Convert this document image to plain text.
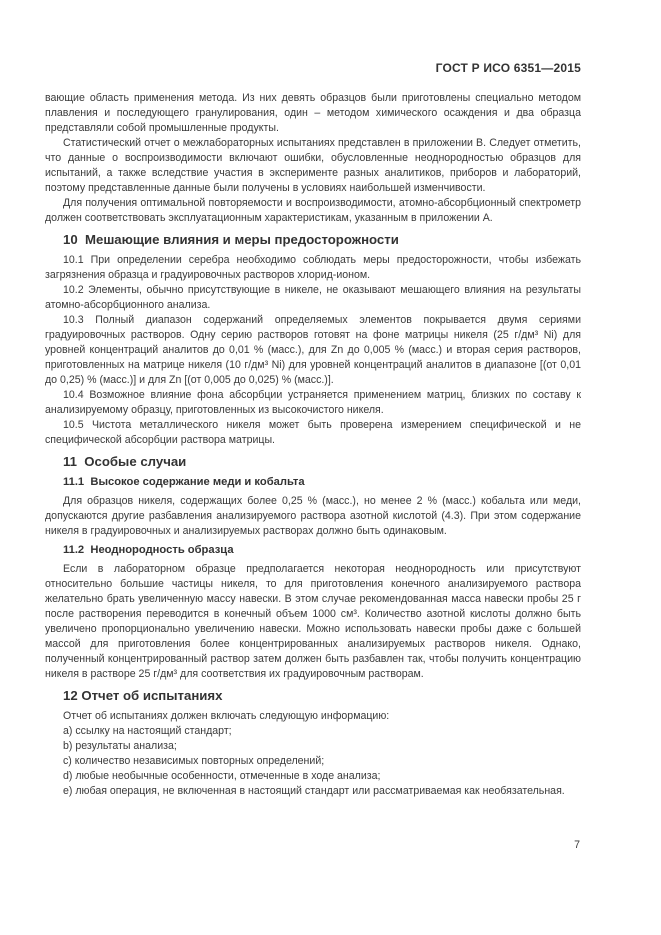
ГОСТ Р ИСО 6351—2015

вающие область применения метода. Из них девять образцов были приготовлены специально методом плавления и последующего гранулирования, один – методом химического осаждения и два образца представляли собой промышленные продукты.

Статистический отчет о межлабораторных испытаниях представлен в приложении В. Следует отметить, что данные о воспроизводимости включают ошибки, обусловленные неоднородностью образцов для испытаний, а также вследствие участия в эксперименте разных аналитиков, приборов и лабораторий, поэтому представленные данные были получены в условиях наибольшей изменчивости.

Для получения оптимальной повторяемости и воспроизводимости, атомно-абсорбционный спектрометр должен соответствовать эксплуатационным характеристикам, указанным в приложении А.

10  Мешающие влияния и меры предосторожности

10.1 При определении серебра необходимо соблюдать меры предосторожности, чтобы избежать загрязнения образца и градуировочных растворов хлорид-ионом.

10.2 Элементы, обычно присутствующие в никеле, не оказывают мешающего влияния на результаты атомно-абсорбционного анализа.

10.3 Полный диапазон содержаний определяемых элементов покрывается двумя сериями градуировочных растворов. Одну серию растворов готовят на фоне матрицы никеля (25 г/дм³ Ni) для уровней концентраций аналитов до 0,01 % (масс.), для Zn до 0,005 % (масс.) и вторая серия растворов, приготовленных на матрице никеля (10 г/дм³ Ni) для уровней концентраций аналитов в диапазоне [(от 0,01 до 0,25) % (масс.)] и для Zn [(от 0,005 до 0,025) % (масс.)].

10.4 Возможное влияние фона абсорбции устраняется применением матриц, близких по составу к анализируемому образцу, приготовленных из высокочистого никеля.

10.5 Чистота металлического никеля может быть проверена измерением специфической и не специфической абсорбции раствора матрицы.

11  Особые случаи
11.1  Высокое содержание меди и кобальта

Для образцов никеля, содержащих более 0,25 % (масс.), но менее 2 % (масс.) кобальта или меди, допускаются другие разбавления анализируемого раствора азотной кислотой (4.3). При этом содержание никеля в градуировочных и анализируемых растворах должно быть одинаковым.

11.2  Неоднородность образца

Если в лабораторном образце предполагается некоторая неоднородность или присутствуют относительно большие частицы никеля, то для приготовления конечного анализируемого раствора желательно брать увеличенную массу навески. В этом случае рекомендованная масса навески пробы 25 г после растворения переводится в конечный объем 1000 см³. Количество азотной кислоты должно быть увеличено пропорционально увеличению навески. Можно использовать навески пробы даже с большей массой для приготовления более концентрированных анализируемых растворов никеля. Однако, полученный концентрированный раствор затем должен быть разбавлен так, чтобы получить концентрацию никеля в растворе 25 г/дм³ для соответствия их градуировочным растворам.

12 Отчет об испытаниях

Отчет об испытаниях должен включать следующую информацию:

a) ссылку на настоящий стандарт;

b) результаты анализа;

c) количество независимых повторных определений;

d) любые необычные особенности, отмеченные в ходе анализа;

e) любая операция, не включенная в настоящий стандарт или рассматриваемая как необязательная.

7
